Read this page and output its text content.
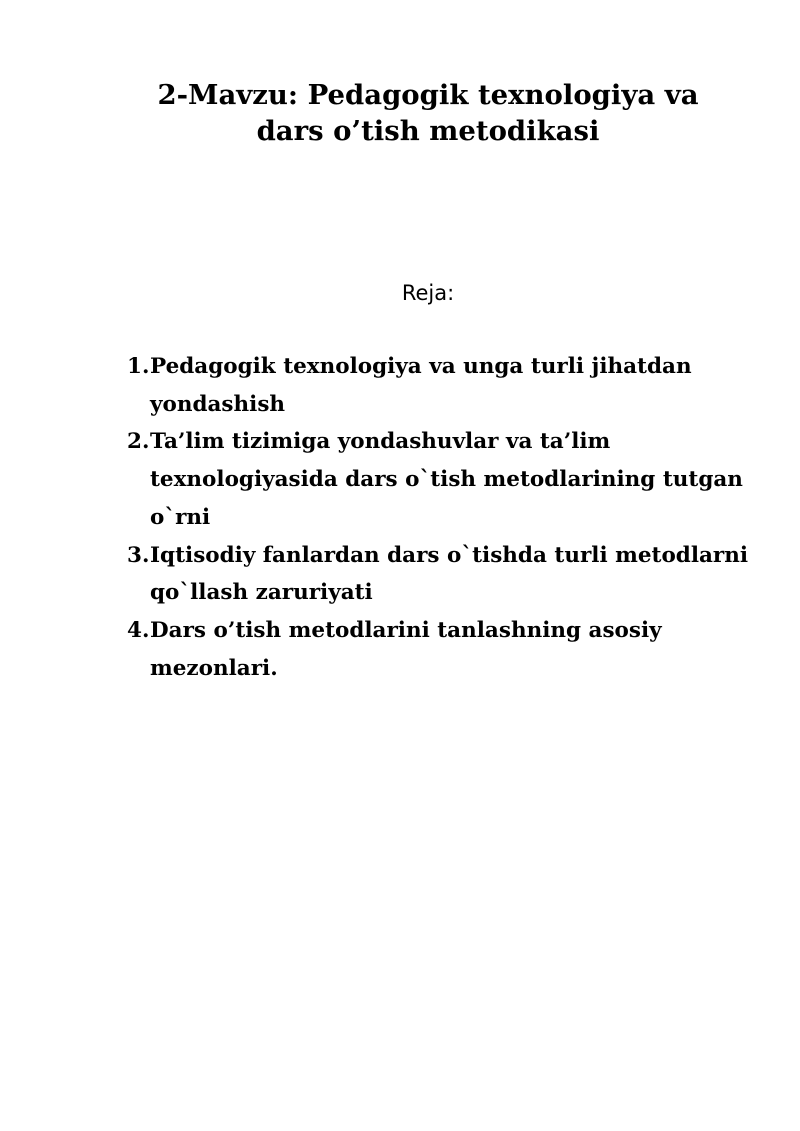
2-Mavzu: Pedagogik texnologiya va
dars o’tish metodikasi
Reja:
1. Pedagogik texnologiya va unga turli jihatdan
yondashish
2. Ta’lim tizimiga yondashuvlar va ta’lim
texnologiyasida dars o`tish metodlarining tutgan
o`rni
3. Iqtisodiy fanlardan dars o`tishda turli metodlarni
qo`llash zaruriyati
4. Dars o’tish metodlarini tanlashning asosiy
mezonlari.
